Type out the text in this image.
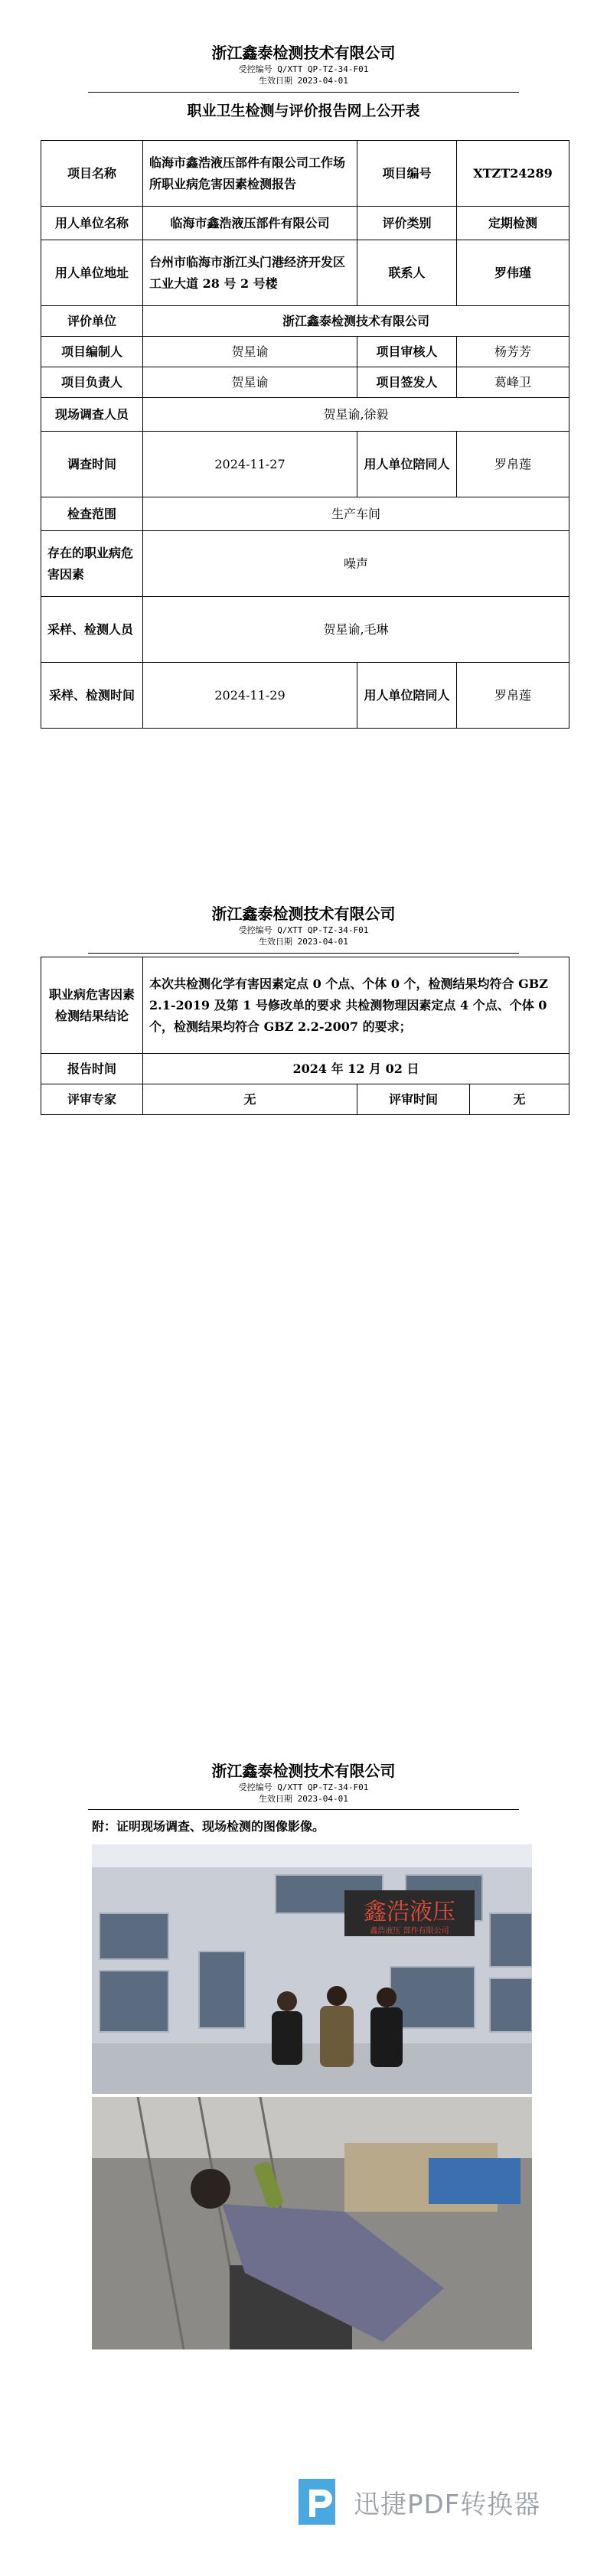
浙江鑫泰检测技术有限公司
受控编号 Q/XTT QP-TZ-34-F01
生效日期 2023-04-01
职业卫生检测与评价报告网上公开表
项目名称	临海市鑫浩液压部件有限公司工作场所职业病危害因素检测报告	项目编号	XTZT24289
用人单位名称	临海市鑫浩液压部件有限公司	评价类别	定期检测
用人单位地址	台州市临海市浙江头门港经济开发区工业大道 28 号 2 号楼	联系人	罗伟瑾
评价单位	浙江鑫泰检测技术有限公司		
项目编制人	贺星谕	项目审核人	杨芳芳
项目负责人	贺星谕	项目签发人	葛峰卫
现场调查人员	贺星谕,徐毅		
调查时间	2024-11-27	用人单位陪同人	罗帛莲
检查范围	生产车间		
存在的职业病危害因素	噪声		
采样、检测人员	贺星谕,毛琳		
采样、检测时间	2024-11-29	用人单位陪同人	罗帛莲
浙江鑫泰检测技术有限公司
受控编号 Q/XTT QP-TZ-34-F01
生效日期 2023-04-01
职业病危害因素检测结果结论	本次共检测化学有害因素定点 0 个点、个体 0 个，检测结果均符合 GBZ 2.1-2019 及第 1 号修改单的要求 共检测物理因素定点 4 个点、个体 0 个，检测结果均符合 GBZ 2.2-2007 的要求；		
报告时间	2024 年 12 月 02 日		
评审专家	无	评审时间	无
浙江鑫泰检测技术有限公司
受控编号 Q/XTT QP-TZ-34-F01
生效日期 2023-04-01
附：证明现场调查、现场检测的图像影像。
鑫浩液压
鑫浩液压 部件有限公司
迅捷PDF转换器
